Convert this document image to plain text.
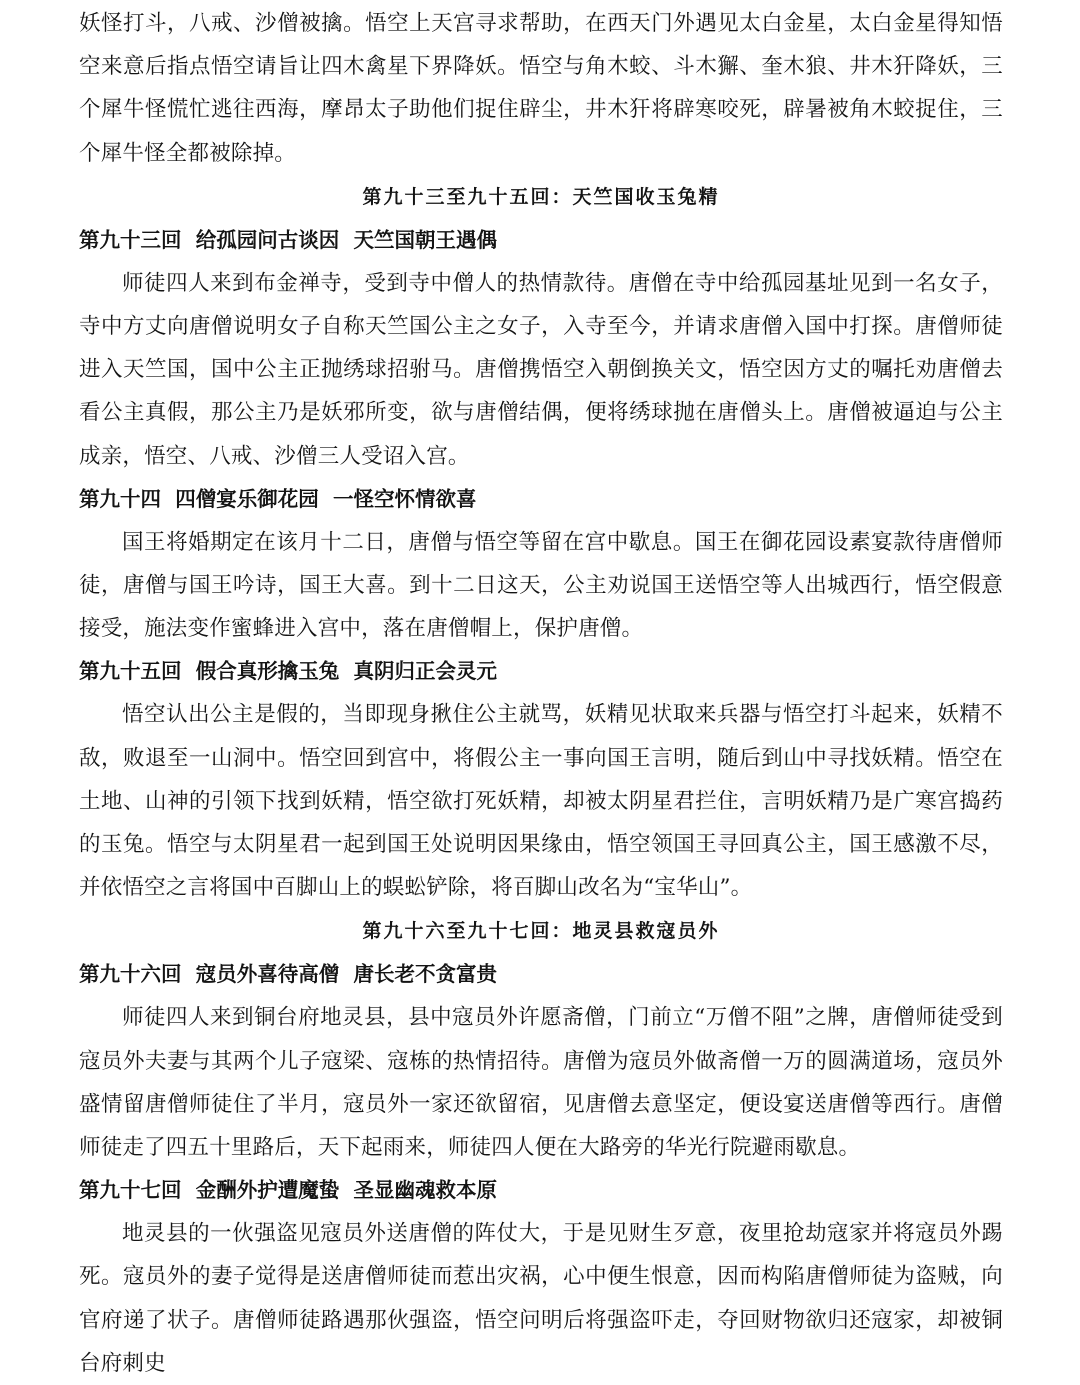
妖怪打斗，八戒、沙僧被擒。悟空上天宫寻求帮助，在西天门外遇见太白金星，太白金星得知悟空来意后指点悟空请旨让四木禽星下界降妖。悟空与角木蛟、斗木獬、奎木狼、井木犴降妖，三个犀牛怪慌忙逃往西海，摩昂太子助他们捉住辟尘，井木犴将辟寒咬死，辟暑被角木蛟捉住，三个犀牛怪全都被除掉。

第九十三至九十五回：天竺国收玉兔精
第九十三回  给孤园问古谈因  天竺国朝王遇偶

师徒四人来到布金禅寺，受到寺中僧人的热情款待。唐僧在寺中给孤园基址见到一名女子，寺中方丈向唐僧说明女子自称天竺国公主之女子，入寺至今，并请求唐僧入国中打探。唐僧师徒进入天竺国，国中公主正抛绣球招驸马。唐僧携悟空入朝倒换关文，悟空因方丈的嘱托劝唐僧去看公主真假，那公主乃是妖邪所变，欲与唐僧结偶，便将绣球抛在唐僧头上。唐僧被逼迫与公主成亲，悟空、八戒、沙僧三人受诏入宫。

第九十四  四僧宴乐御花园  一怪空怀情欲喜

国王将婚期定在该月十二日，唐僧与悟空等留在宫中歇息。国王在御花园设素宴款待唐僧师徒，唐僧与国王吟诗，国王大喜。到十二日这天，公主劝说国王送悟空等人出城西行，悟空假意接受，施法变作蜜蜂进入宫中，落在唐僧帽上，保护唐僧。

第九十五回  假合真形擒玉兔  真阴归正会灵元

悟空认出公主是假的，当即现身揪住公主就骂，妖精见状取来兵器与悟空打斗起来，妖精不敌，败退至一山洞中。悟空回到宫中，将假公主一事向国王言明，随后到山中寻找妖精。悟空在土地、山神的引领下找到妖精，悟空欲打死妖精，却被太阴星君拦住，言明妖精乃是广寒宫捣药的玉兔。悟空与太阴星君一起到国王处说明因果缘由，悟空领国王寻回真公主，国王感激不尽，并依悟空之言将国中百脚山上的蜈蚣铲除，将百脚山改名为“宝华山”。

第九十六至九十七回：地灵县救寇员外
第九十六回  寇员外喜待高僧  唐长老不贪富贵

师徒四人来到铜台府地灵县，县中寇员外许愿斋僧，门前立“万僧不阻”之牌，唐僧师徒受到寇员外夫妻与其两个儿子寇梁、寇栋的热情招待。唐僧为寇员外做斋僧一万的圆满道场，寇员外盛情留唐僧师徒住了半月，寇员外一家还欲留宿，见唐僧去意坚定，便设宴送唐僧等西行。唐僧师徒走了四五十里路后，天下起雨来，师徒四人便在大路旁的华光行院避雨歇息。

第九十七回  金酬外护遭魔蛰  圣显幽魂救本原

地灵县的一伙强盗见寇员外送唐僧的阵仗大，于是见财生歹意，夜里抢劫寇家并将寇员外踢死。寇员外的妻子觉得是送唐僧师徒而惹出灾祸，心中便生恨意，因而构陷唐僧师徒为盗贼，向官府递了状子。唐僧师徒路遇那伙强盗，悟空问明后将强盗吓走，夺回财物欲归还寇家，却被铜台府刺史
